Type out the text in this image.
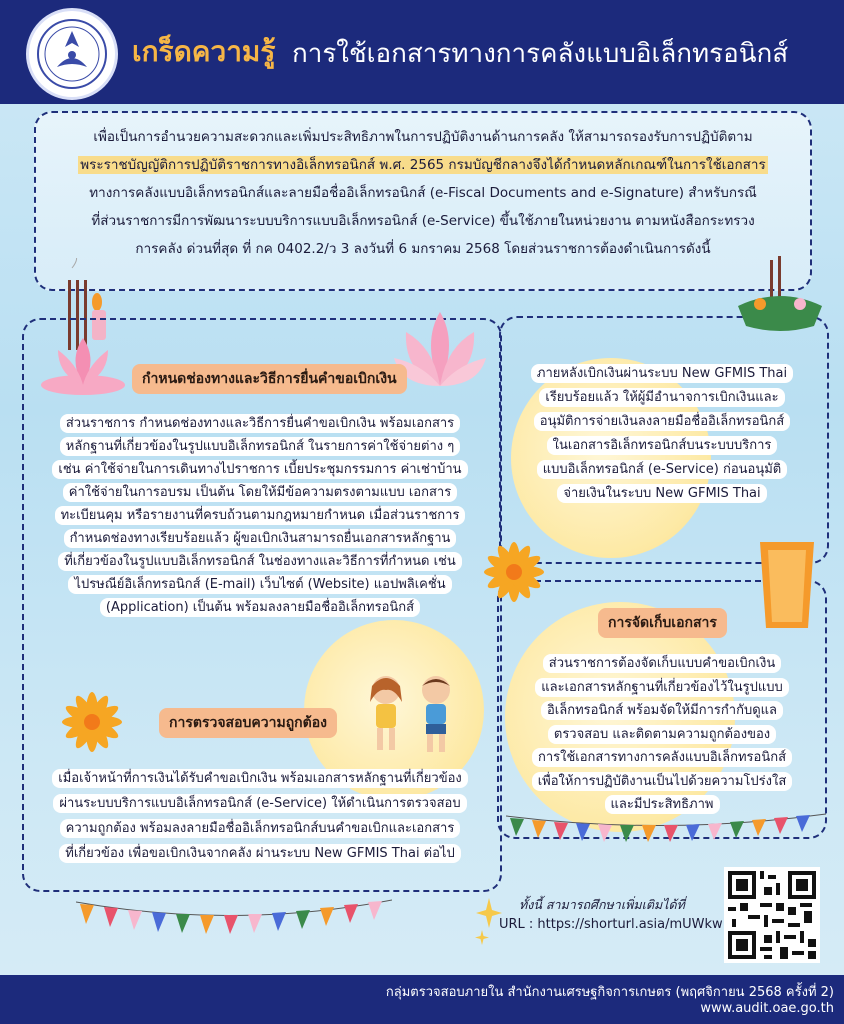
เกร็ดความรู้ การใช้เอกสารทางการคลังแบบอิเล็กทรอนิกส์
เพื่อเป็นการอำนวยความสะดวกและเพิ่มประสิทธิภาพในการปฏิบัติงานด้านการคลัง ให้สามารถรองรับการปฏิบัติตาม
พระราชบัญญัติการปฏิบัติราชการทางอิเล็กทรอนิกส์ พ.ศ. 2565 กรมบัญชีกลางจึงได้กำหนดหลักเกณฑ์ในการใช้เอกสาร
ทางการคลังแบบอิเล็กทรอนิกส์และลายมือชื่ออิเล็กทรอนิกส์ (e-Fiscal Documents and e-Signature) สำหรับกรณี
ที่ส่วนราชการมีการพัฒนาระบบบริการแบบอิเล็กทรอนิกส์ (e-Service) ขึ้นใช้ภายในหน่วยงาน ตามหนังสือกระทรวง
การคลัง ด่วนที่สุด ที่ กค 0402.2/ว 3 ลงวันที่ 6 มกราคม 2568 โดยส่วนราชการต้องดำเนินการดังนี้
กำหนดช่องทางและวิธีการยื่นคำขอเบิกเงิน
ส่วนราชการ กำหนดช่องทางและวิธีการยื่นคำขอเบิกเงิน พร้อมเอกสาร
หลักฐานที่เกี่ยวข้องในรูปแบบอิเล็กทรอนิกส์ ในรายการค่าใช้จ่ายต่าง ๆ
เช่น ค่าใช้จ่ายในการเดินทางไปราชการ เบี้ยประชุมกรรมการ ค่าเช่าบ้าน
ค่าใช้จ่ายในการอบรม เป็นต้น โดยให้มีข้อความตรงตามแบบ เอกสาร
ทะเบียนคุม หรือรายงานที่ครบถ้วนตามกฎหมายกำหนด เมื่อส่วนราชการ
กำหนดช่องทางเรียบร้อยแล้ว ผู้ขอเบิกเงินสามารถยื่นเอกสารหลักฐาน
ที่เกี่ยวข้องในรูปแบบอิเล็กทรอนิกส์ ในช่องทางและวิธีการที่กำหนด เช่น
ไปรษณีย์อิเล็กทรอนิกส์ (E-mail) เว็บไซต์ (Website) แอปพลิเคชั่น
(Application) เป็นต้น พร้อมลงลายมือชื่ออิเล็กทรอนิกส์
การตรวจสอบความถูกต้อง
เมื่อเจ้าหน้าที่การเงินได้รับคำขอเบิกเงิน พร้อมเอกสารหลักฐานที่เกี่ยวข้อง
ผ่านระบบบริการแบบอิเล็กทรอนิกส์ (e-Service) ให้ดำเนินการตรวจสอบ
ความถูกต้อง พร้อมลงลายมือชื่ออิเล็กทรอนิกส์บนคำขอเบิกและเอกสาร
ที่เกี่ยวข้อง เพื่อขอเบิกเงินจากคลัง ผ่านระบบ New GFMIS Thai ต่อไป
ภายหลังเบิกเงินผ่านระบบ New GFMIS Thai
เรียบร้อยแล้ว ให้ผู้มีอำนาจการเบิกเงินและ
อนุมัติการจ่ายเงินลงลายมือชื่ออิเล็กทรอนิกส์
ในเอกสารอิเล็กทรอนิกส์บนระบบบริการ
แบบอิเล็กทรอนิกส์ (e-Service) ก่อนอนุมัติ
จ่ายเงินในระบบ New GFMIS Thai
การจัดเก็บเอกสาร
ส่วนราชการต้องจัดเก็บแบบคำขอเบิกเงิน
และเอกสารหลักฐานที่เกี่ยวข้องไว้ในรูปแบบ
อิเล็กทรอนิกส์ พร้อมจัดให้มีการกำกับดูแล
ตรวจสอบ และติดตามความถูกต้องของ
การใช้เอกสารทางการคลังแบบอิเล็กทรอนิกส์
เพื่อให้การปฏิบัติงานเป็นไปด้วยความโปร่งใส
และมีประสิทธิภาพ
ทั้งนี้ สามารถศึกษาเพิ่มเติมได้ที่
URL : https://shorturl.asia/mUWkw
กลุ่มตรวจสอบภายใน สำนักงานเศรษฐกิจการเกษตร (พฤศจิกายน 2568 ครั้งที่ 2)
www.audit.oae.go.th
